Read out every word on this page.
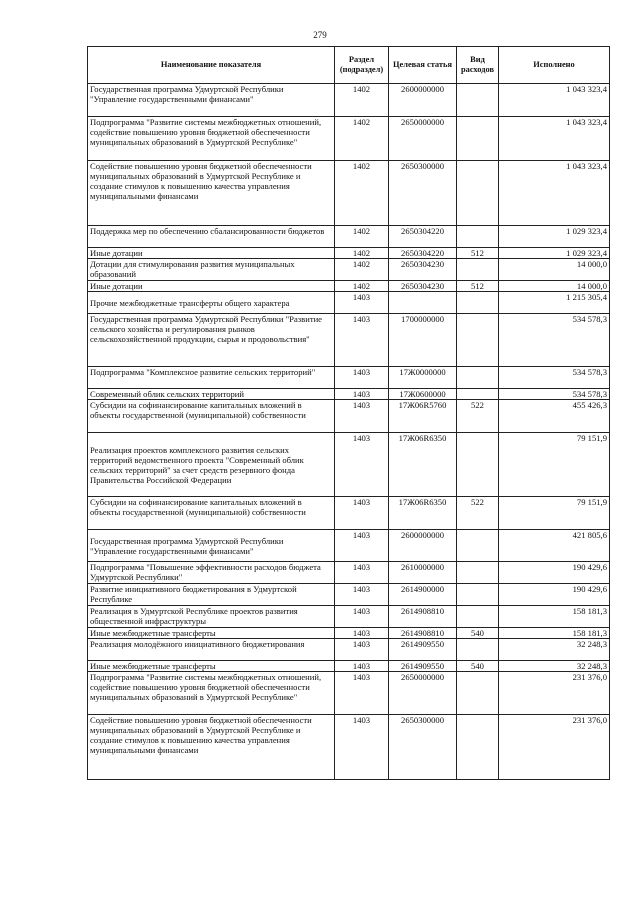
279
Наименование показателя	Раздел (подраздел)	Целевая статья	Вид расходов	Исполнено
Государственная программа Удмуртской Республики "Управление государственными финансами"	1402	2600000000		1 043 323,4
Подпрограмма "Развитие системы межбюджетных отношений, содействие повышению уровня бюджетной обеспеченности муниципальных образований в Удмуртской Республике"	1402	2650000000		1 043 323,4
Содействие повышению уровня бюджетной обеспеченности муниципальных образований в Удмуртской Республике и создание стимулов к повышению качества управления муниципальными финансами	1402	2650300000		1 043 323,4
Поддержка мер по обеспечению сбалансированности бюджетов	1402	2650304220		1 029 323,4
Иные дотации	1402	2650304220	512	1 029 323,4
Дотации для стимулирования развития муниципальных образований	1402	2650304230		14 000,0
Иные дотации	1402	2650304230	512	14 000,0
Прочие межбюджетные трансферты общего характера	1403			1 215 305,4
Государственная программа Удмуртской Республики "Развитие сельского хозяйства и регулирования рынков сельскохозяйственной продукции, сырья и продовольствия"	1403	1700000000		534 578,3
Подпрограмма "Комплексное развитие сельских территорий"	1403	17Ж0000000		534 578,3
Современный облик сельских территорий	1403	17Ж0600000		534 578,3
Субсидии на софинансирование капитальных вложений в объекты государственной (муниципальной) собственности	1403	17Ж06R5760	522	455 426,3
Реализация проектов комплексного развития сельских территорий ведомственного проекта "Современный облик сельских территорий" за счет средств резервного фонда Правительства Российской Федерации	1403	17Ж06R6350		79 151,9
Субсидии на софинансирование капитальных вложений в объекты государственной (муниципальной) собственности	1403	17Ж06R6350	522	79 151,9
Государственная программа Удмуртской Республики "Управление государственными финансами"	1403	2600000000		421 805,6
Подпрограмма "Повышение эффективности расходов бюджета Удмуртской Республики"	1403	2610000000		190 429,6
Развитие инициативного бюджетирования в Удмуртской Республике	1403	2614900000		190 429,6
Реализация в Удмуртской Республике проектов развития общественной инфраструктуры	1403	2614908810		158 181,3
Иные межбюджетные трансферты	1403	2614908810	540	158 181,3
Реализация молодёжного инициативного бюджетирования	1403	2614909550		32 248,3
Иные межбюджетные трансферты	1403	2614909550	540	32 248,3
Подпрограмма "Развитие системы межбюджетных отношений, содействие повышению уровня бюджетной обеспеченности муниципальных образований в Удмуртской Республике"	1403	2650000000		231 376,0
Содействие повышению уровня бюджетной обеспеченности муниципальных образований в Удмуртской Республике и создание стимулов к повышению качества управления муниципальными финансами	1403	2650300000		231 376,0
